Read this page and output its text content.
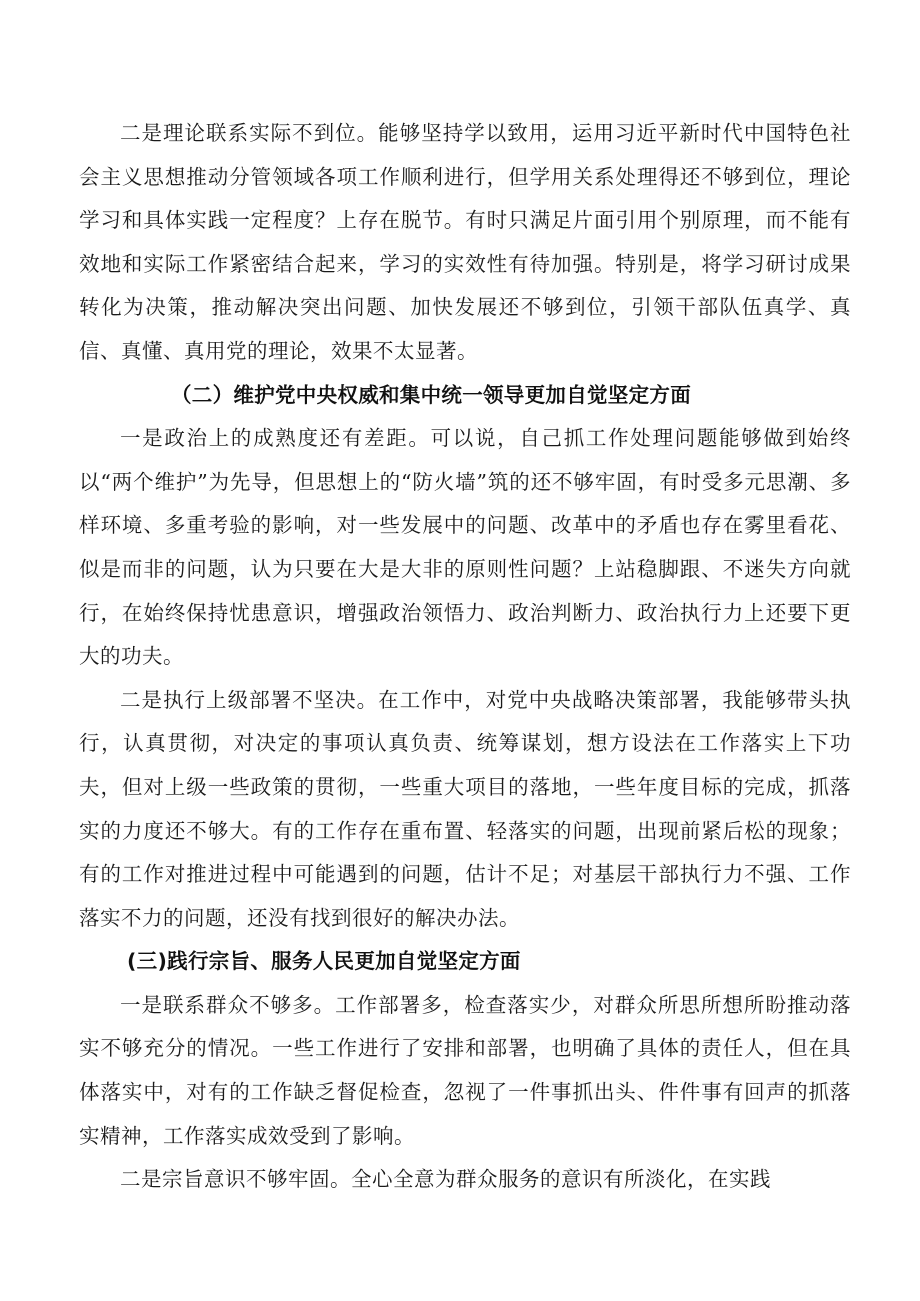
二是理论联系实际不到位。能够坚持学以致用，运用习近平新时代中国特色社会主义思想推动分管领域各项工作顺利进行，但学用关系处理得还不够到位，理论学习和具体实践一定程度？上存在脱节。有时只满足片面引用个别原理，而不能有效地和实际工作紧密结合起来，学习的实效性有待加强。特别是，将学习研讨成果转化为决策，推动解决突出问题、加快发展还不够到位，引领干部队伍真学、真信、真懂、真用党的理论，效果不太显著。

（二）维护党中央权威和集中统一领导更加自觉坚定方面

一是政治上的成熟度还有差距。可以说，自己抓工作处理问题能够做到始终以“两个维护”为先导，但思想上的“防火墙”筑的还不够牢固，有时受多元思潮、多样环境、多重考验的影响，对一些发展中的问题、改革中的矛盾也存在雾里看花、似是而非的问题，认为只要在大是大非的原则性问题？上站稳脚跟、不迷失方向就行，在始终保持忧患意识，增强政治领悟力、政治判断力、政治执行力上还要下更大的功夫。

二是执行上级部署不坚决。在工作中，对党中央战略决策部署，我能够带头执行，认真贯彻，对决定的事项认真负责、统筹谋划，想方设法在工作落实上下功夫，但对上级一些政策的贯彻，一些重大项目的落地，一些年度目标的完成，抓落实的力度还不够大。有的工作存在重布置、轻落实的问题，出现前紧后松的现象；有的工作对推进过程中可能遇到的问题，估计不足；对基层干部执行力不强、工作落实不力的问题，还没有找到很好的解决办法。

(三)践行宗旨、服务人民更加自觉坚定方面

一是联系群众不够多。工作部署多，检查落实少，对群众所思所想所盼推动落实不够充分的情况。一些工作进行了安排和部署，也明确了具体的责任人，但在具体落实中，对有的工作缺乏督促检查，忽视了一件事抓出头、件件事有回声的抓落实精神，工作落实成效受到了影响。

二是宗旨意识不够牢固。全心全意为群众服务的意识有所淡化，在实践
